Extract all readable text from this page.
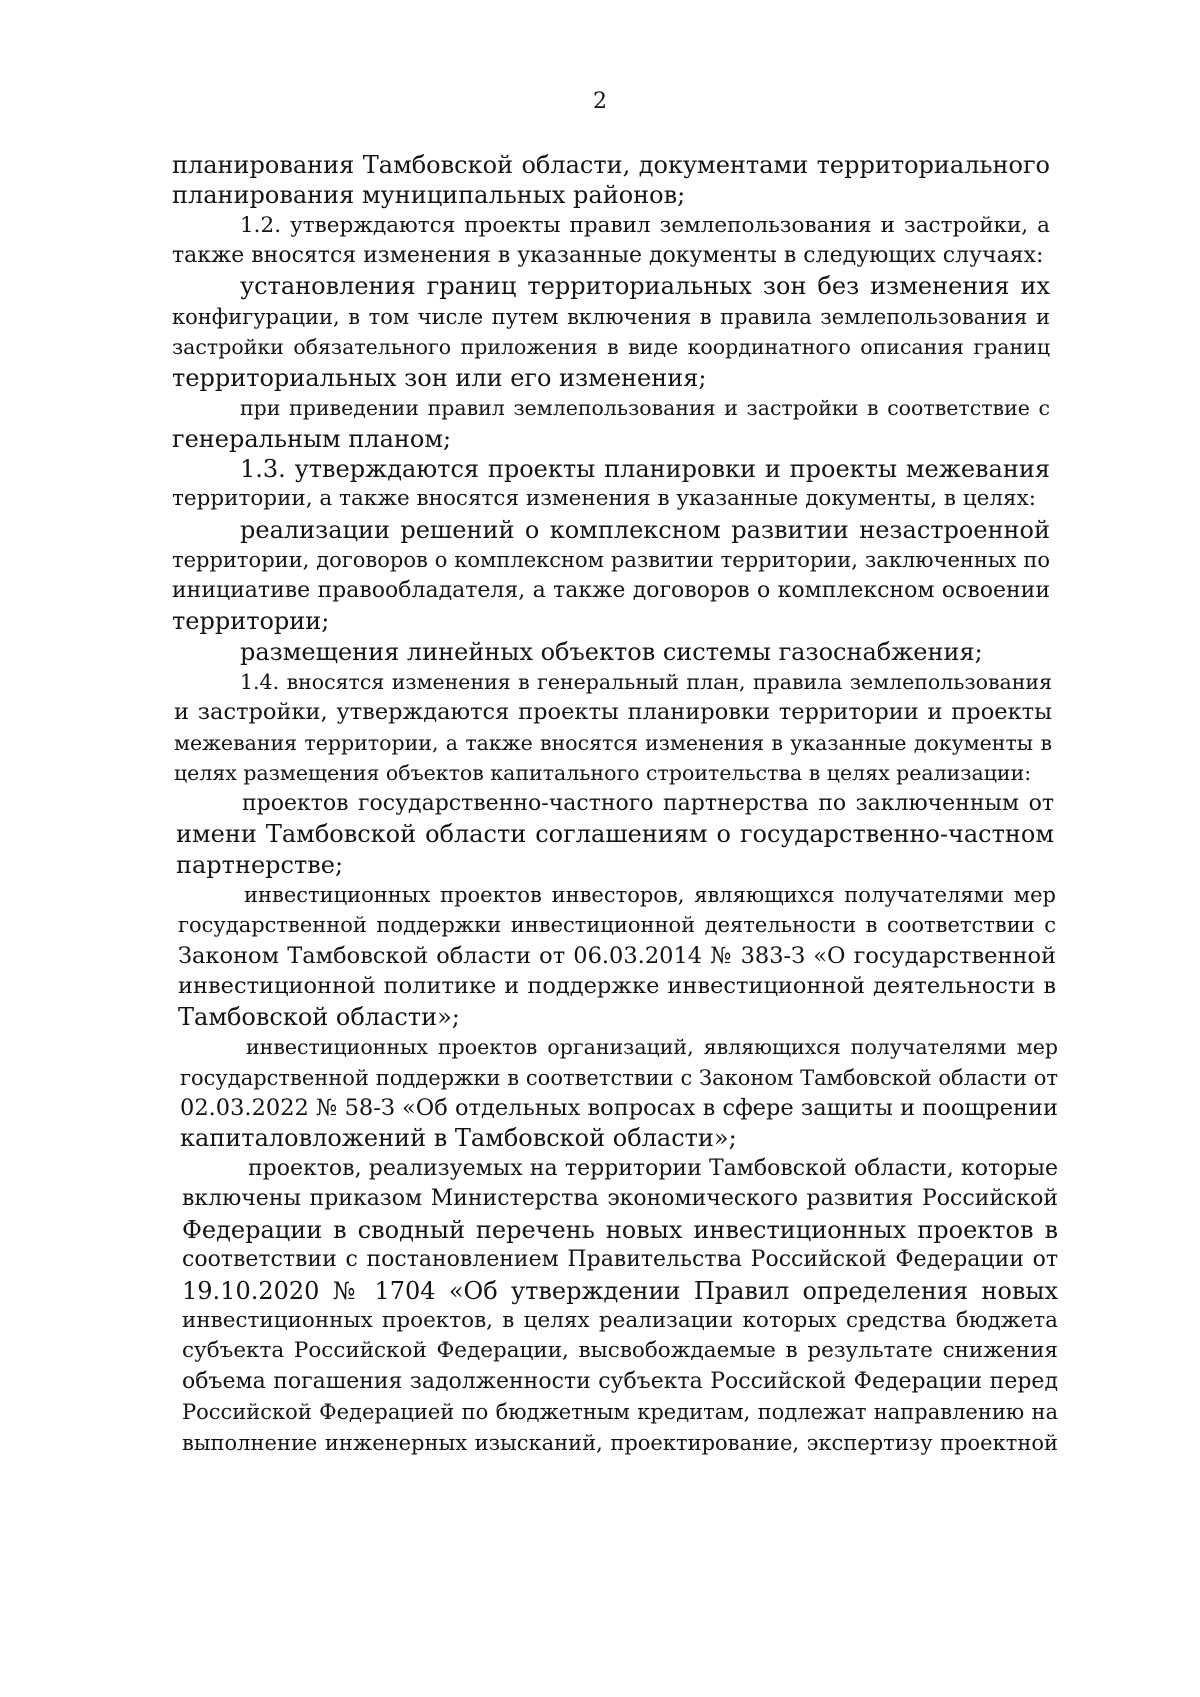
2
планирования Тамбовской области, документами территориального
планирования муниципальных районов;
1.2. утверждаются проекты правил землепользования и застройки, а
также вносятся изменения в указанные документы в следующих случаях:
установления границ территориальных зон без изменения их
конфигурации, в том числе путем включения в правила землепользования и
застройки обязательного приложения в виде координатного описания границ
территориальных зон или его изменения;
при приведении правил землепользования и застройки в соответствие с
генеральным планом;
1.3. утверждаются проекты планировки и проекты межевания
территории, а также вносятся изменения в указанные документы, в целях:
реализации решений о комплексном развитии незастроенной
территории, договоров о комплексном развитии территории, заключенных по
инициативе правообладателя, а также договоров о комплексном освоении
территории;
размещения линейных объектов системы газоснабжения;
1.4. вносятся изменения в генеральный план, правила землепользования
и застройки, утверждаются проекты планировки территории и проекты
межевания территории, а также вносятся изменения в указанные документы в
целях размещения объектов капитального строительства в целях реализации:
проектов государственно-частного партнерства по заключенным от
имени Тамбовской области соглашениям о государственно-частном
партнерстве;
инвестиционных проектов инвесторов, являющихся получателями мер
государственной поддержки инвестиционной деятельности в соответствии с
Законом Тамбовской области от 06.03.2014 № 383-З «О государственной
инвестиционной политике и поддержке инвестиционной деятельности в
Тамбовской области»;
инвестиционных проектов организаций, являющихся получателями мер
государственной поддержки в соответствии с Законом Тамбовской области от
02.03.2022 № 58-З «Об отдельных вопросах в сфере защиты и поощрении
капиталовложений в Тамбовской области»;
проектов, реализуемых на территории Тамбовской области, которые
включены приказом Министерства экономического развития Российской
Федерации в сводный перечень новых инвестиционных проектов в
соответствии с постановлением Правительства Российской Федерации от
19.10.2020 № 1704 «Об утверждении Правил определения новых
инвестиционных проектов, в целях реализации которых средства бюджета
субъекта Российской Федерации, высвобождаемые в результате снижения
объема погашения задолженности субъекта Российской Федерации перед
Российской Федерацией по бюджетным кредитам, подлежат направлению на
выполнение инженерных изысканий, проектирование, экспертизу проектной
